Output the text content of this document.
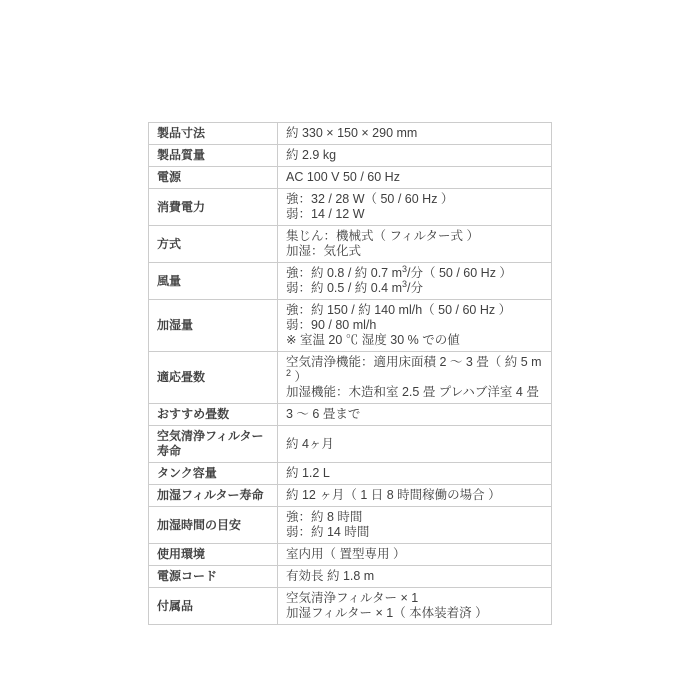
製品寸法	約 330 × 150 × 290 mm
製品質量	約 2.9 kg
電源	AC 100 V 50 / 60 Hz
消費電力	強：32 / 28 W（ 50 / 60 Hz ）
弱：14 / 12 W
方式	集じん：機械式（ フィルター式 ）
加湿：気化式
風量	強：約 0.8 / 約 0.7 $m^3/$分（ 50 / 60 Hz ）
弱：約 0.5 / 約 0.4 $m^3/$分
加湿量	強：約 150 / 約 140 ml/h（ 50 / 60 Hz ）
弱：90 / 80 ml/h
※ 室温 20 ℃ 湿度 30 % での値
適応畳数	空気清浄機能：適用床面積 2 ～ 3 畳（ 約 5 $m^2$ ）
加湿機能：木造和室 2.5 畳 プレハブ洋室 4 畳
おすすめ畳数	3 ～ 6 畳まで
空気清浄フィルター寿命	約 4ヶ月
タンク容量	約 1.2 L
加湿フィルター寿命	約 12 ヶ月（ 1 日 8 時間稼働の場合 ）
加湿時間の目安	強：約 8 時間
弱：約 14 時間
使用環境	室内用（ 置型専用 ）
電源コード	有効長 約 1.8 m
付属品	空気清浄フィルター × 1
加湿フィルター × 1（ 本体装着済 ）
